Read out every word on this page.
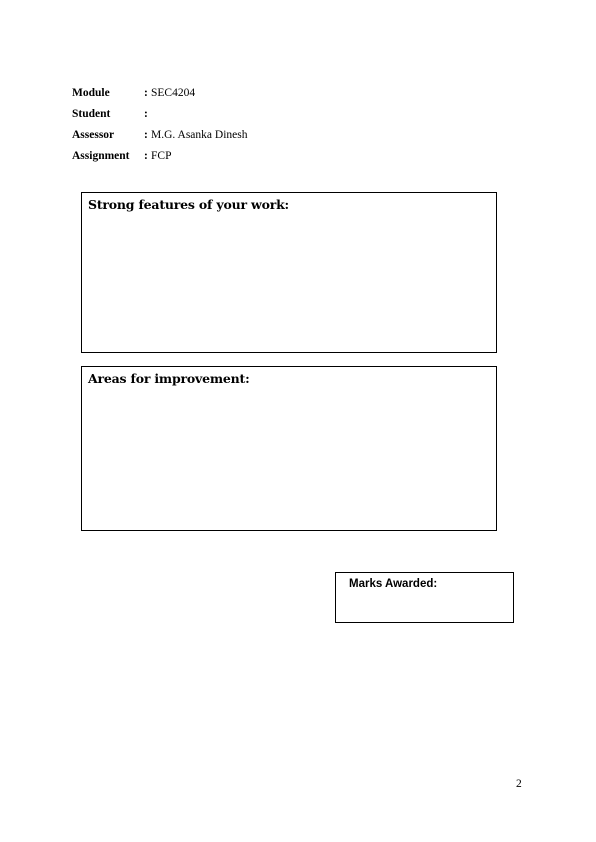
Module	: SEC4204
Student	:
Assessor	: M.G. Asanka Dinesh
Assignment : FCP
Strong features of your work:
Areas for improvement:
Marks Awarded:
2
